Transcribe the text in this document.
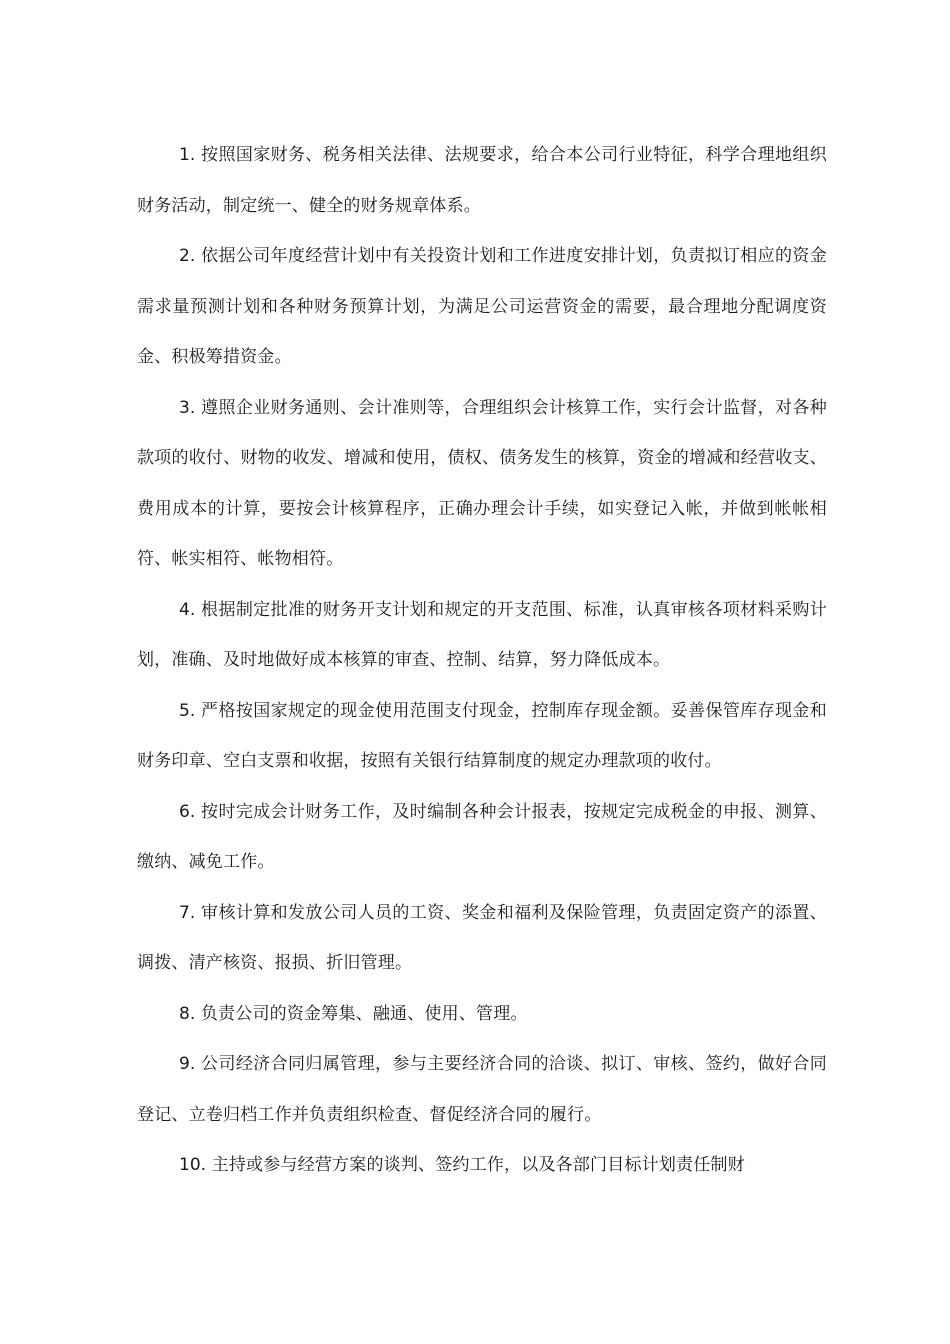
1. 按照国家财务、税务相关法律、法规要求，给合本公司行业特征，科学合理地组织财务活动，制定统一、健全的财务规章体系。

2. 依据公司年度经营计划中有关投资计划和工作进度安排计划，负责拟订相应的资金需求量预测计划和各种财务预算计划，为满足公司运营资金的需要，最合理地分配调度资金、积极筹措资金。

3. 遵照企业财务通则、会计准则等，合理组织会计核算工作，实行会计监督，对各种款项的收付、财物的收发、增减和使用，债权、债务发生的核算，资金的增减和经营收支、费用成本的计算，要按会计核算程序，正确办理会计手续，如实登记入帐，并做到帐帐相符、帐实相符、帐物相符。

4. 根据制定批准的财务开支计划和规定的开支范围、标准，认真审核各项材料采购计划，准确、及时地做好成本核算的审查、控制、结算，努力降低成本。

5. 严格按国家规定的现金使用范围支付现金，控制库存现金额。妥善保管库存现金和财务印章、空白支票和收据，按照有关银行结算制度的规定办理款项的收付。

6. 按时完成会计财务工作，及时编制各种会计报表，按规定完成税金的申报、测算、缴纳、减免工作。

7. 审核计算和发放公司人员的工资、奖金和福利及保险管理，负责固定资产的添置、调拨、清产核资、报损、折旧管理。

8. 负责公司的资金筹集、融通、使用、管理。

9. 公司经济合同归属管理，参与主要经济合同的洽谈、拟订、审核、签约，做好合同登记、立卷归档工作并负责组织检查、督促经济合同的履行。

10. 主持或参与经营方案的谈判、签约工作，以及各部门目标计划责任制财
